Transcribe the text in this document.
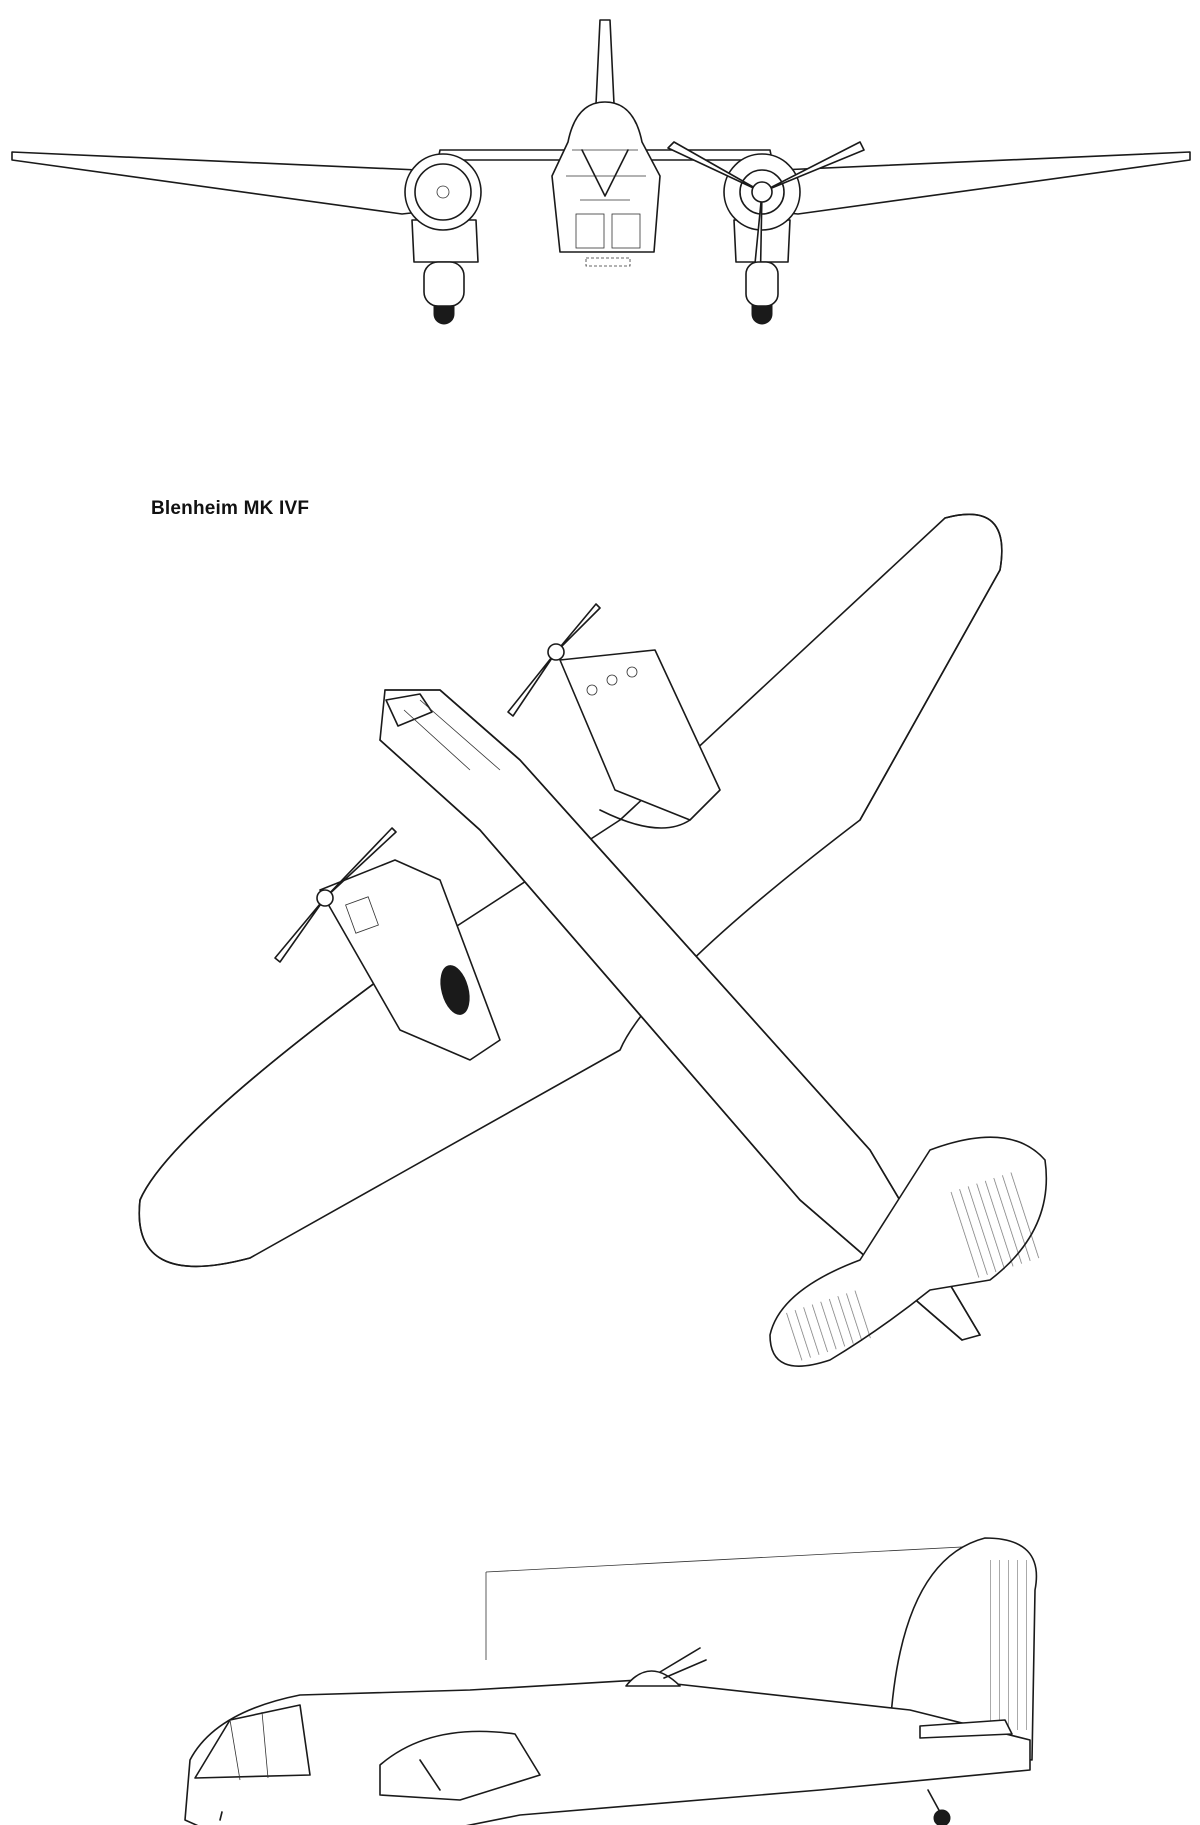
Blenheim MK IVF
